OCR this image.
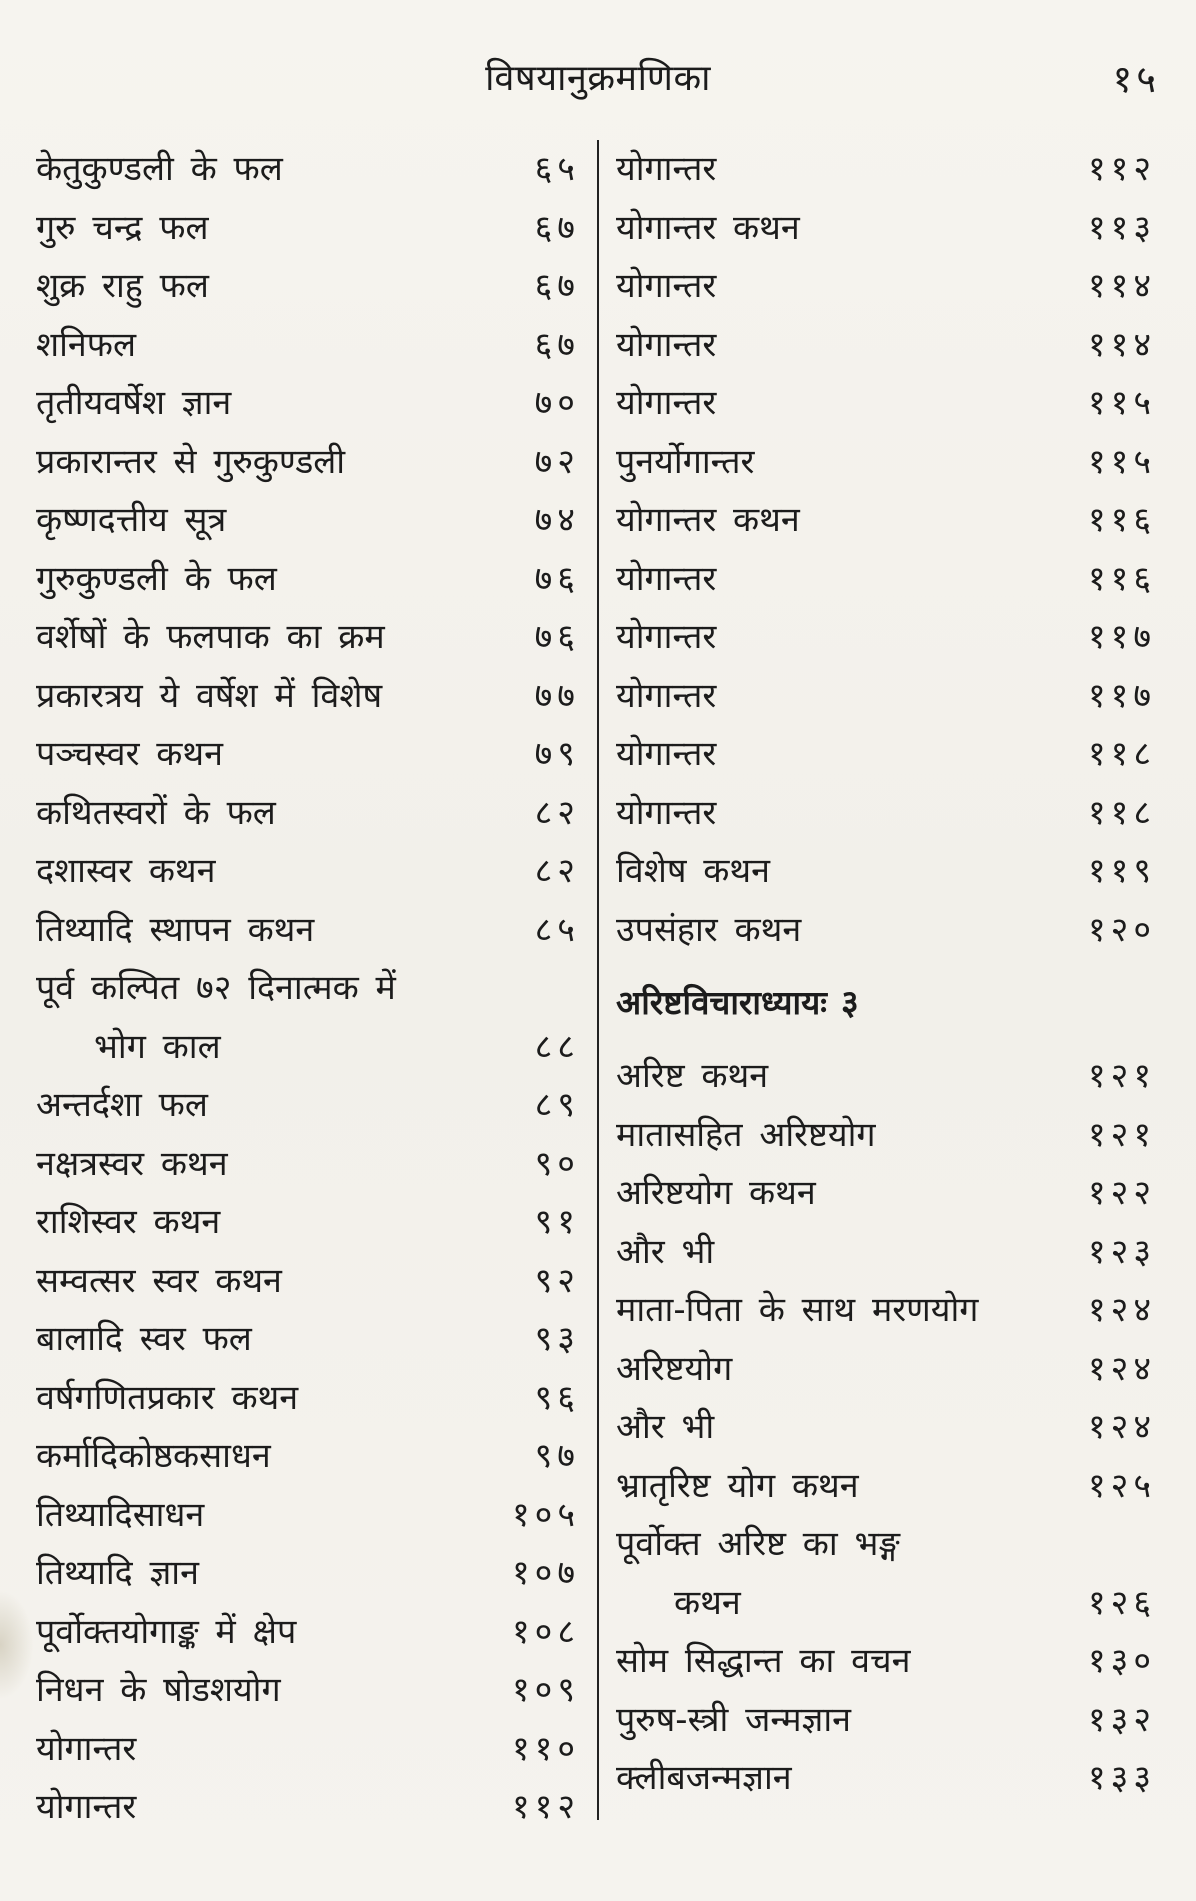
विषयानुक्रमणिका	१५
केतुकुण्डली के फल	६५
गुरु चन्द्र फल	६७
शुक्र राहु फल	६७
शनिफल	६७
तृतीयवर्षेश ज्ञान	७०
प्रकारान्तर से गुरुकुण्डली	७२
कृष्णदत्तीय सूत्र	७४
गुरुकुण्डली के फल	७६
वर्शेषों के फलपाक का क्रम	७६
प्रकारत्रय ये वर्षेश में विशेष	७७
पञ्चस्वर कथन	७९
कथितस्वरों के फल	८२
दशास्वर कथन	८२
तिथ्यादि स्थापन कथन	८५
पूर्व कल्पित ७२ दिनात्मक में
भोग काल	८८
अन्तर्दशा फल	८९
नक्षत्रस्वर कथन	९०
राशिस्वर कथन	९१
सम्वत्सर स्वर कथन	९२
बालादि स्वर फल	९३
वर्षगणितप्रकार कथन	९६
कर्मादिकोष्ठकसाधन	९७
तिथ्यादिसाधन	१०५
तिथ्यादि ज्ञान	१०७
पूर्वोक्तयोगाङ्क में क्षेप	१०८
निधन के षोडशयोग	१०९
योगान्तर	११०
योगान्तर	११२
योगान्तर	११२
योगान्तर कथन	११३
योगान्तर	११४
योगान्तर	११४
योगान्तर	११५
पुनर्योगान्तर	११५
योगान्तर कथन	११६
योगान्तर	११६
योगान्तर	११७
योगान्तर	११७
योगान्तर	११८
योगान्तर	११८
विशेष कथन	११९
उपसंहार कथन	१२०
अरिष्टविचाराध्यायः ३
अरिष्ट कथन	१२१
मातासहित अरिष्टयोग	१२१
अरिष्टयोग कथन	१२२
और भी	१२३
माता-पिता के साथ मरणयोग	१२४
अरिष्टयोग	१२४
और भी	१२४
भ्रातृरिष्ट योग कथन	१२५
पूर्वोक्त अरिष्ट का भङ्ग
कथन	१२६
सोम सिद्धान्त का वचन	१३०
पुरुष-स्त्री जन्मज्ञान	१३२
क्लीबजन्मज्ञान	१३३
